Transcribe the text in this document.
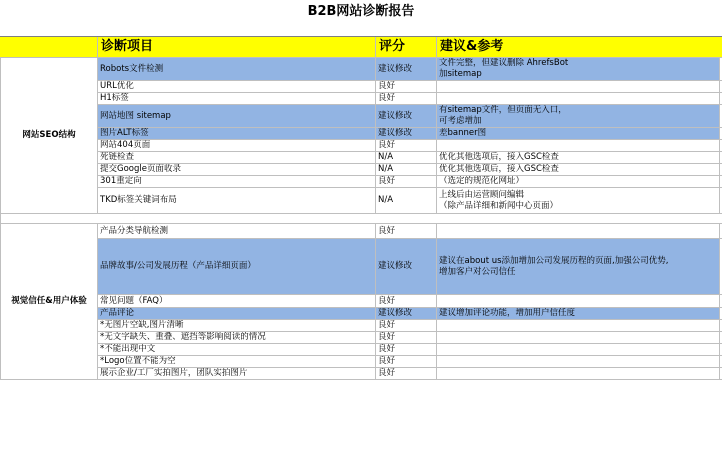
B2B网站诊断报告
诊断项目	评分	建议&参考
网站SEO结构	Robots文件检测	建议修改	文件完整，但建议删除 AhrefsBot
加sitemap	

	URL优化	良好		
	H1标签	良好		
	网站地图 sitemap	建议修改	有sitemap文件，但页面无入口，
可考虑增加	

	图片ALT标签	建议修改	差banner图	

	网站404页面	良好		
	死链检查	N/A	优化其他选项后，接入GSC检查	

	提交Google页面收录	N/A	优化其他选项后，接入GSC检查	

	301重定向	良好	（选定的规范化网址）	

	TKD标签关键词布局	N/A	上线后由运营顾问编辑
（除产品详细和新闻中心页面）	

视觉信任&用户体验	产品分类导航检测	良好		
	品牌故事/公司发展历程（产品详细页面）	建议修改	建议在about us添加增加公司发展历程的页面,加强公司优势,
增加客户对公司信任	

	常见问题（FAQ）	良好		
	产品评论	建议修改	建议增加评论功能，增加用户信任度	

	*无图片空缺,图片清晰	良好		
	*无文字缺失、重叠、遮挡等影响阅读的情况	良好		
	*不能出现中文	良好		
	*Logo位置不能为空	良好		
	展示企业/工厂实拍图片，团队实拍图片	良好		
